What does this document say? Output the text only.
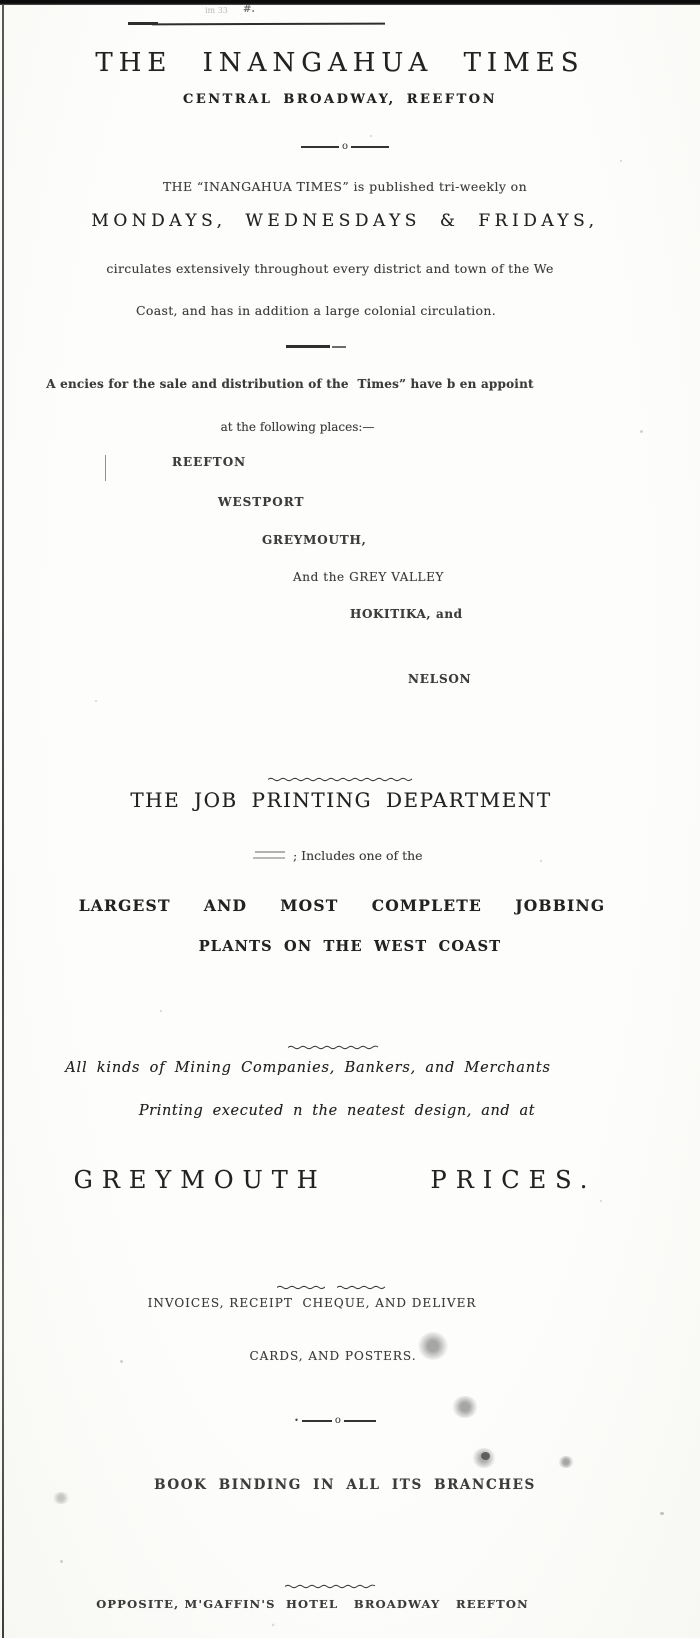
im 33 #.
THE INANGAHUA TIMES
CENTRAL BROADWAY, REEFTON
o
THE “INANGAHUA TIMES” is published tri-weekly on
MONDAYS, WEDNESDAYS & FRIDAYS,
circulates extensively throughout every district and town of the We
Coast, and has in addition a large colonial circulation.
A encies for the sale and distribution of the  Times” have b en appoint
at the following places:—
REEFTON
WESTPORT
GREYMOUTH,
And the GREY VALLEY
HOKITIKA, and
NELSON

THE JOB PRINTING DEPARTMENT
; Includes one of the
LARGEST  AND  MOST  COMPLETE  JOBBING
PLANTS ON THE WEST COAST

All kinds of Mining Companies, Bankers, and Merchants
Printing executed n the neatest design, and at
GREYMOUTH   PRICES.

INVOICES, RECEIPT  CHEQUE, AND DELIVER
CARDS, AND POSTERS.
•	o
BOOK BINDING IN ALL ITS BRANCHES

OPPOSITE, M'GAFFIN'S  HOTEL   BROADWAY   REEFTON
⸗
